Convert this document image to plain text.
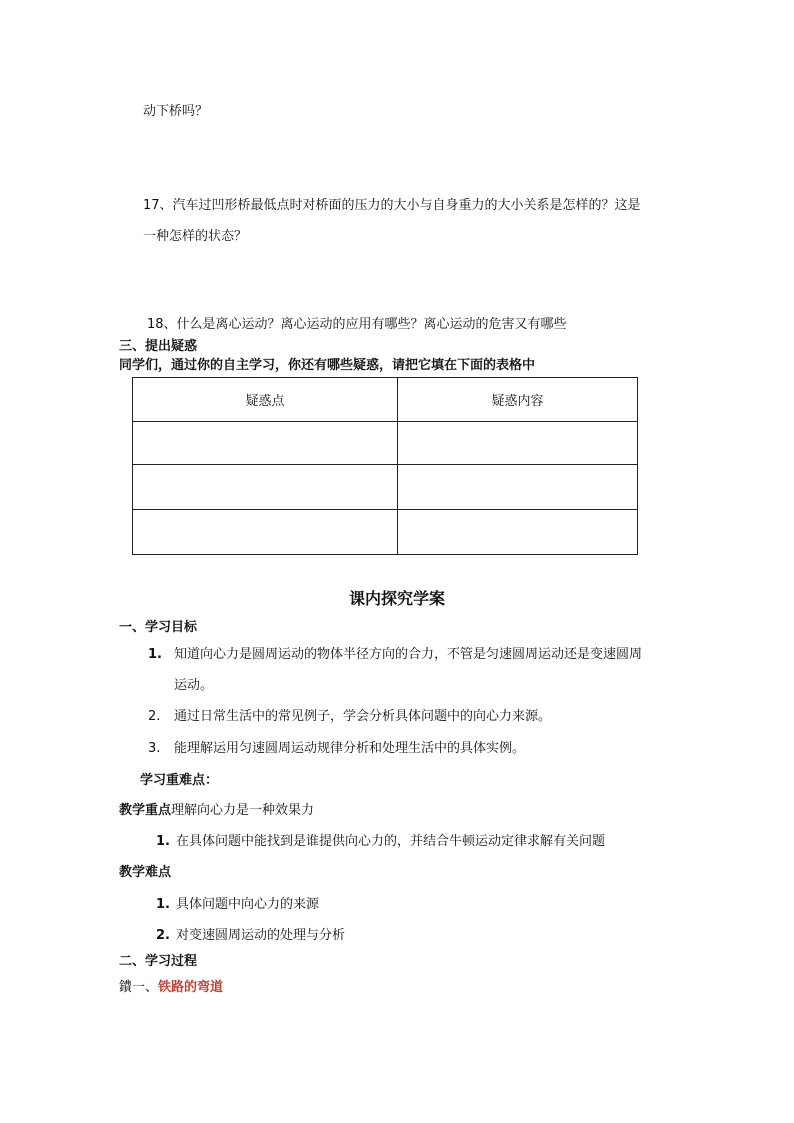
动下桥吗？
17、汽车过凹形桥最低点时对桥面的压力的大小与自身重力的大小关系是怎样的？这是
一种怎样的状态？
18、什么是离心运动？离心运动的应用有哪些？离心运动的危害又有哪些
三、提出疑惑
同学们，通过你的自主学习，你还有哪些疑惑，请把它填在下面的表格中
疑惑点	疑惑内容

课内探究学案
一、学习目标
1. 知道向心力是圆周运动的物体半径方向的合力，不管是匀速圆周运动还是变速圆周
运动。
2. 通过日常生活中的常见例子，学会分析具体问题中的向心力来源。
3. 能理解运用匀速圆周运动规律分析和处理生活中的具体实例。
学习重难点：
教学重点理解向心力是一种效果力
1. 在具体问题中能找到是谁提供向心力的，并结合牛顿运动定律求解有关问题
教学难点
1. 具体问题中向心力的来源
2. 对变速圆周运动的处理与分析
二、学习过程
鐨一、铁路的弯道
